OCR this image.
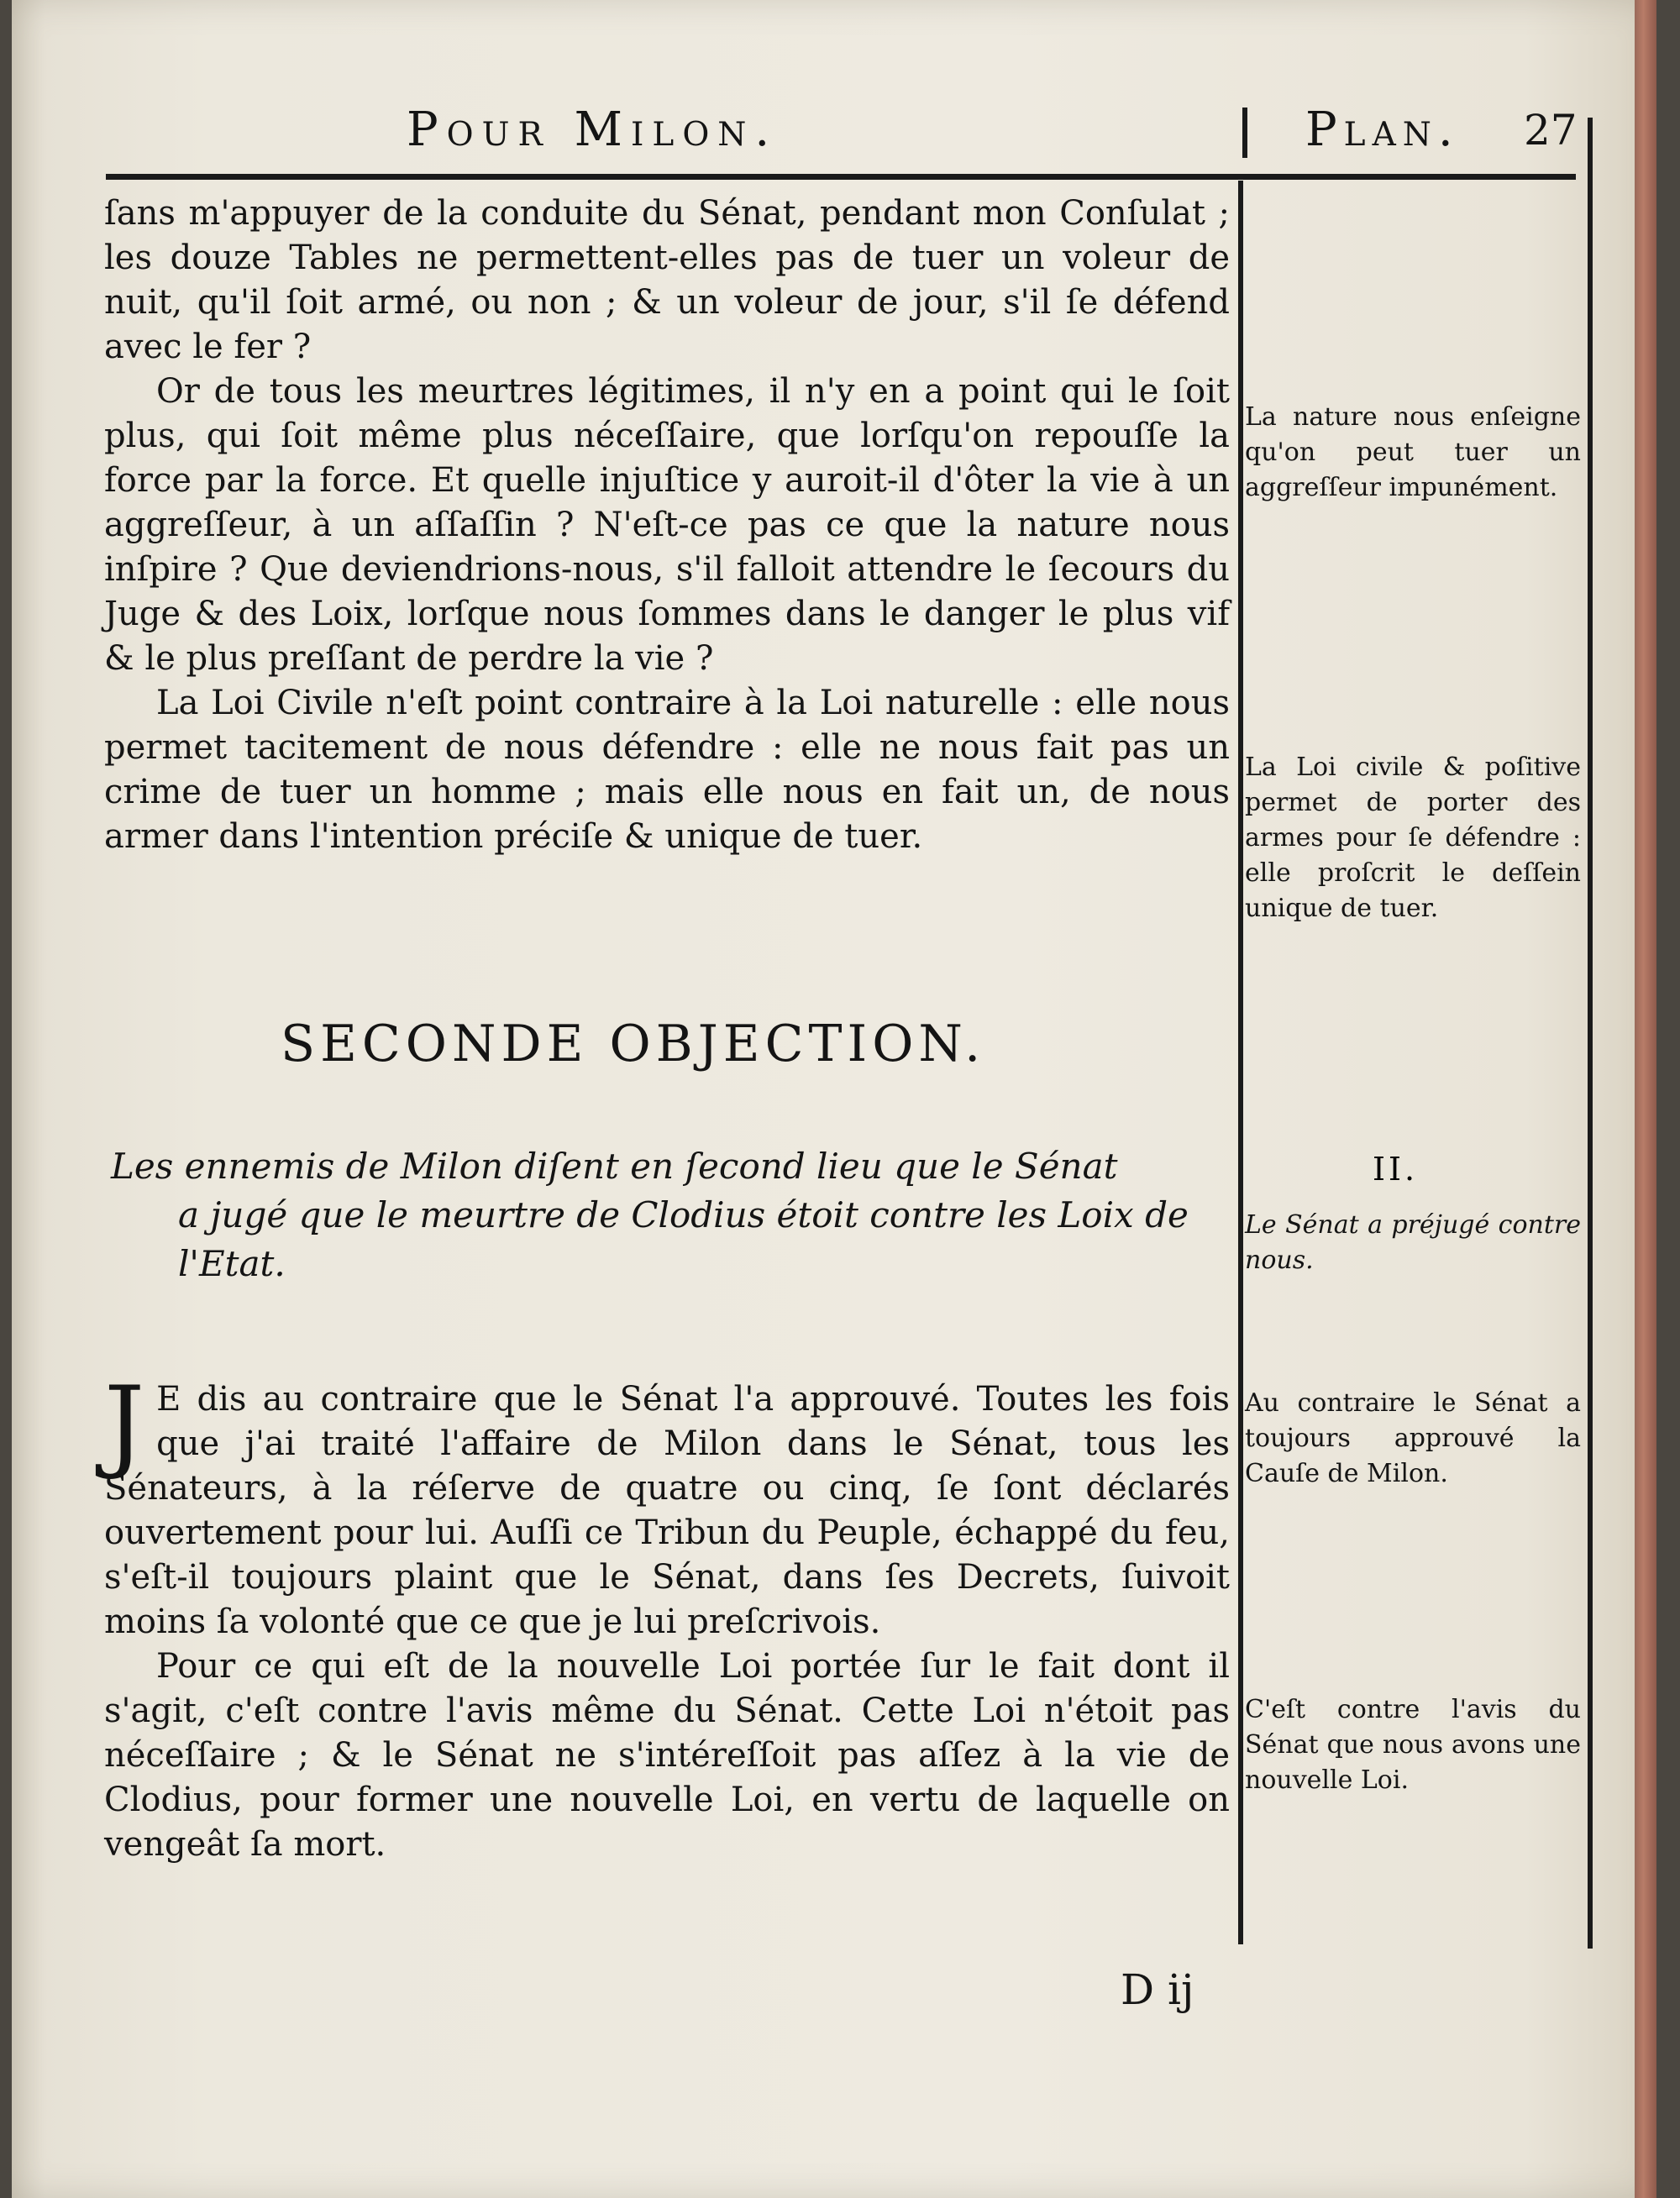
Pour Milon.	Plan. 27

ſans m'appuyer de la conduite du Sénat, pendant mon Conſulat ; les douze Tables ne permettent-elles pas de tuer un voleur de nuit, qu'il ſoit armé, ou non ; & un voleur de jour, s'il ſe défend avec le fer ?

Or de tous les meurtres légitimes, il n'y en a point qui le ſoit plus, qui ſoit même plus néceſſaire, que lorſqu'on repouſſe la force par la force. Et quelle injuſtice y auroit-il d'ôter la vie à un aggreſſeur, à un aſſaſſin ? N'eſt-ce pas ce que la nature nous inſpire ? Que deviendrions-nous, s'il falloit attendre le ſecours du Juge & des Loix, lorſque nous ſommes dans le danger le plus vif & le plus preſſant de perdre la vie ?

La Loi Civile n'eſt point contraire à la Loi naturelle : elle nous permet tacitement de nous défendre : elle ne nous fait pas un crime de tuer un homme ; mais elle nous en fait un, de nous armer dans l'intention préciſe & unique de tuer.

SECONDE OBJECTION.
Les ennemis de Milon diſent en ſecond lieu que le Sénat
a jugé que le meurtre de Clodius étoit contre les Loix de l'Etat.

J E dis au contraire que le Sénat l'a approuvé. Toutes les fois que j'ai traité l'affaire de Milon dans le Sénat, tous les Sénateurs, à la réſerve de quatre ou cinq, ſe ſont déclarés ouvertement pour lui. Auſſi ce Tribun du Peuple, échappé du feu, s'eſt-il toujours plaint que le Sénat, dans ſes Decrets, ſuivoit moins ſa volonté que ce que je lui preſcrivois.

Pour ce qui eſt de la nouvelle Loi portée ſur le fait dont il s'agit, c'eſt contre l'avis même du Sénat. Cette Loi n'étoit pas néceſſaire ; & le Sénat ne s'intéreſſoit pas aſſez à la vie de Clodius, pour former une nouvelle Loi, en vertu de laquelle on vengeât ſa mort.

D ij
La nature nous enſeigne qu'on peut tuer un aggreſſeur impunément.
La Loi civile & poſitive permet de porter des armes pour ſe défendre : elle proſcrit le deſſein unique de tuer.
II.
Le Sénat a préjugé contre nous.
Au contraire le Sénat a toujours approuvé la Cauſe de Milon.
C'eſt contre l'avis du Sénat que nous avons une nouvelle Loi.
